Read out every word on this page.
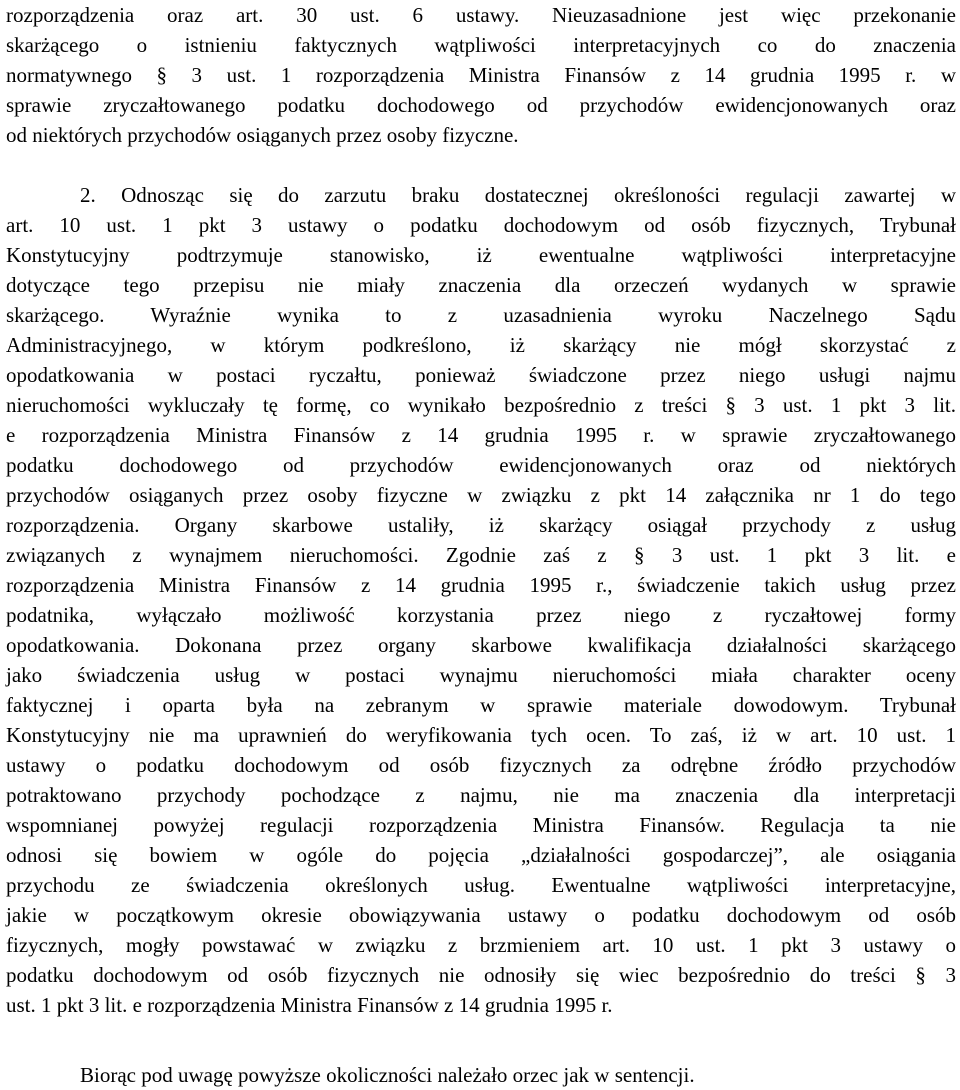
rozporządzenia oraz art. 30 ust. 6 ustawy. Nieuzasadnione jest więc przekonanie
skarżącego o istnieniu faktycznych wątpliwości interpretacyjnych co do znaczenia
normatywnego § 3 ust. 1 rozporządzenia Ministra Finansów z 14 grudnia 1995 r. w
sprawie zryczałtowanego podatku dochodowego od przychodów ewidencjonowanych oraz
od niektórych przychodów osiąganych przez osoby fizyczne.
2. Odnosząc się do zarzutu braku dostatecznej określoności regulacji zawartej w
art. 10 ust. 1 pkt 3 ustawy o podatku dochodowym od osób fizycznych, Trybunał
Konstytucyjny podtrzymuje stanowisko, iż ewentualne wątpliwości interpretacyjne
dotyczące tego przepisu nie miały znaczenia dla orzeczeń wydanych w sprawie
skarżącego. Wyraźnie wynika to z uzasadnienia wyroku Naczelnego Sądu
Administracyjnego, w którym podkreślono, iż skarżący nie mógł skorzystać z
opodatkowania w postaci ryczałtu, ponieważ świadczone przez niego usługi najmu
nieruchomości wykluczały tę formę, co wynikało bezpośrednio z treści § 3 ust. 1 pkt 3 lit.
e rozporządzenia Ministra Finansów z 14 grudnia 1995 r. w sprawie zryczałtowanego
podatku dochodowego od przychodów ewidencjonowanych oraz od niektórych
przychodów osiąganych przez osoby fizyczne w związku z pkt 14 załącznika nr 1 do tego
rozporządzenia. Organy skarbowe ustaliły, iż skarżący osiągał przychody z usług
związanych z wynajmem nieruchomości. Zgodnie zaś z § 3 ust. 1 pkt 3 lit. e
rozporządzenia Ministra Finansów z 14 grudnia 1995 r., świadczenie takich usług przez
podatnika, wyłączało możliwość korzystania przez niego z ryczałtowej formy
opodatkowania. Dokonana przez organy skarbowe kwalifikacja działalności skarżącego
jako świadczenia usług w postaci wynajmu nieruchomości miała charakter oceny
faktycznej i oparta była na zebranym w sprawie materiale dowodowym. Trybunał
Konstytucyjny nie ma uprawnień do weryfikowania tych ocen. To zaś, iż w art. 10 ust. 1
ustawy o podatku dochodowym od osób fizycznych za odrębne źródło przychodów
potraktowano przychody pochodzące z najmu, nie ma znaczenia dla interpretacji
wspomnianej powyżej regulacji rozporządzenia Ministra Finansów. Regulacja ta nie
odnosi się bowiem w ogóle do pojęcia „działalności gospodarczej”, ale osiągania
przychodu ze świadczenia określonych usług. Ewentualne wątpliwości interpretacyjne,
jakie w początkowym okresie obowiązywania ustawy o podatku dochodowym od osób
fizycznych, mogły powstawać w związku z brzmieniem art. 10 ust. 1 pkt 3 ustawy o
podatku dochodowym od osób fizycznych nie odnosiły się wiec bezpośrednio do treści § 3
ust. 1 pkt 3 lit. e rozporządzenia Ministra Finansów z 14 grudnia 1995 r.
Biorąc pod uwagę powyższe okoliczności należało orzec jak w sentencji.
